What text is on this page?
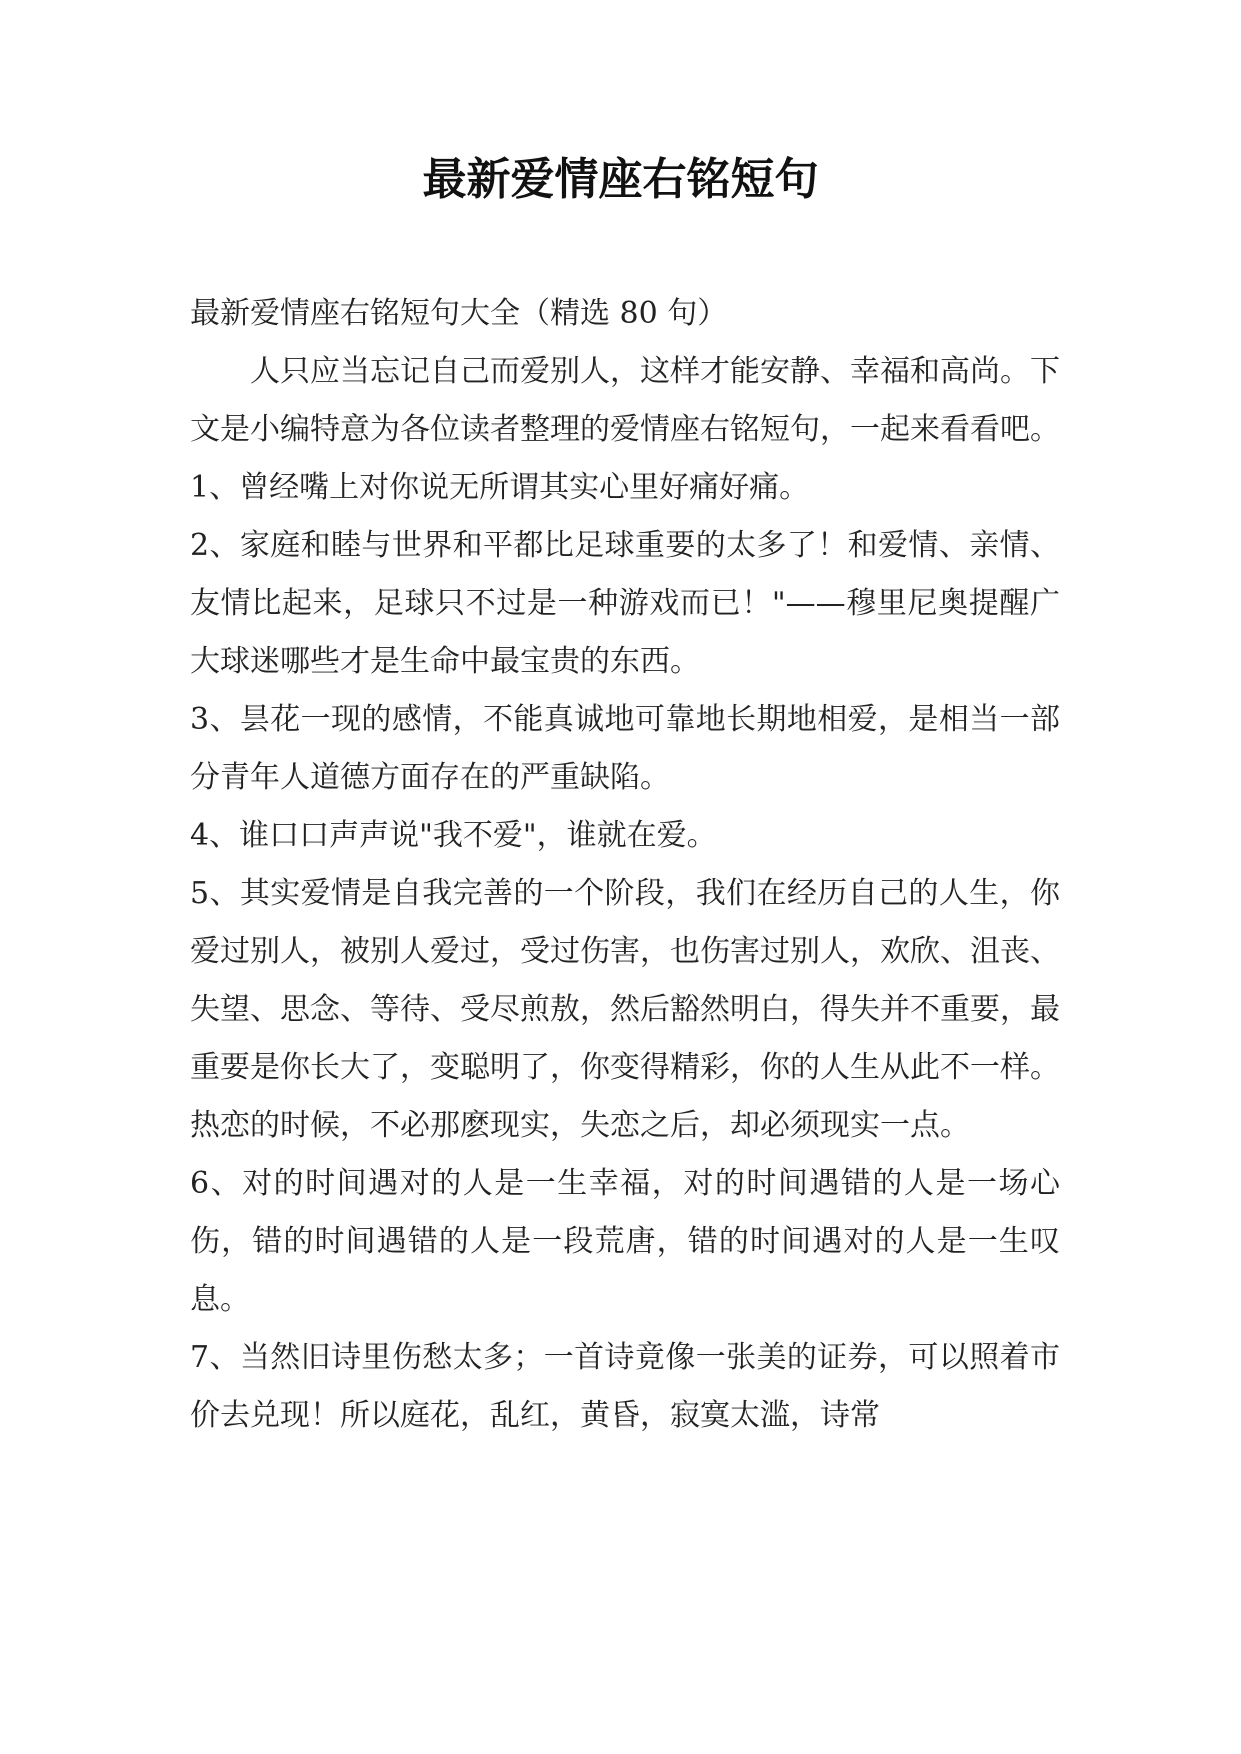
最新爱情座右铭短句

最新爱情座右铭短句大全（精选 80 句）

人只应当忘记自己而爱别人，这样才能安静、幸福和高尚。下文是小编特意为各位读者整理的爱情座右铭短句，一起来看看吧。

1、曾经嘴上对你说无所谓其实心里好痛好痛。

2、家庭和睦与世界和平都比足球重要的太多了！和爱情、亲情、友情比起来，足球只不过是一种游戏而已！"——穆里尼奥提醒广大球迷哪些才是生命中最宝贵的东西。

3、昙花一现的感情，不能真诚地可靠地长期地相爱，是相当一部分青年人道德方面存在的严重缺陷。

4、谁口口声声说"我不爱"，谁就在爱。

5、其实爱情是自我完善的一个阶段，我们在经历自己的人生，你爱过别人，被别人爱过，受过伤害，也伤害过别人，欢欣、沮丧、失望、思念、等待、受尽煎敖，然后豁然明白，得失并不重要，最重要是你长大了，变聪明了，你变得精彩，你的人生从此不一样。热恋的时候，不必那麽现实，失恋之后，却必须现实一点。

6、对的时间遇对的人是一生幸福，对的时间遇错的人是一场心伤，错的时间遇错的人是一段荒唐，错的时间遇对的人是一生叹息。

7、当然旧诗里伤愁太多；一首诗竟像一张美的证券，可以照着市价去兑现！所以庭花，乱红，黄昏，寂寞太滥，诗常
